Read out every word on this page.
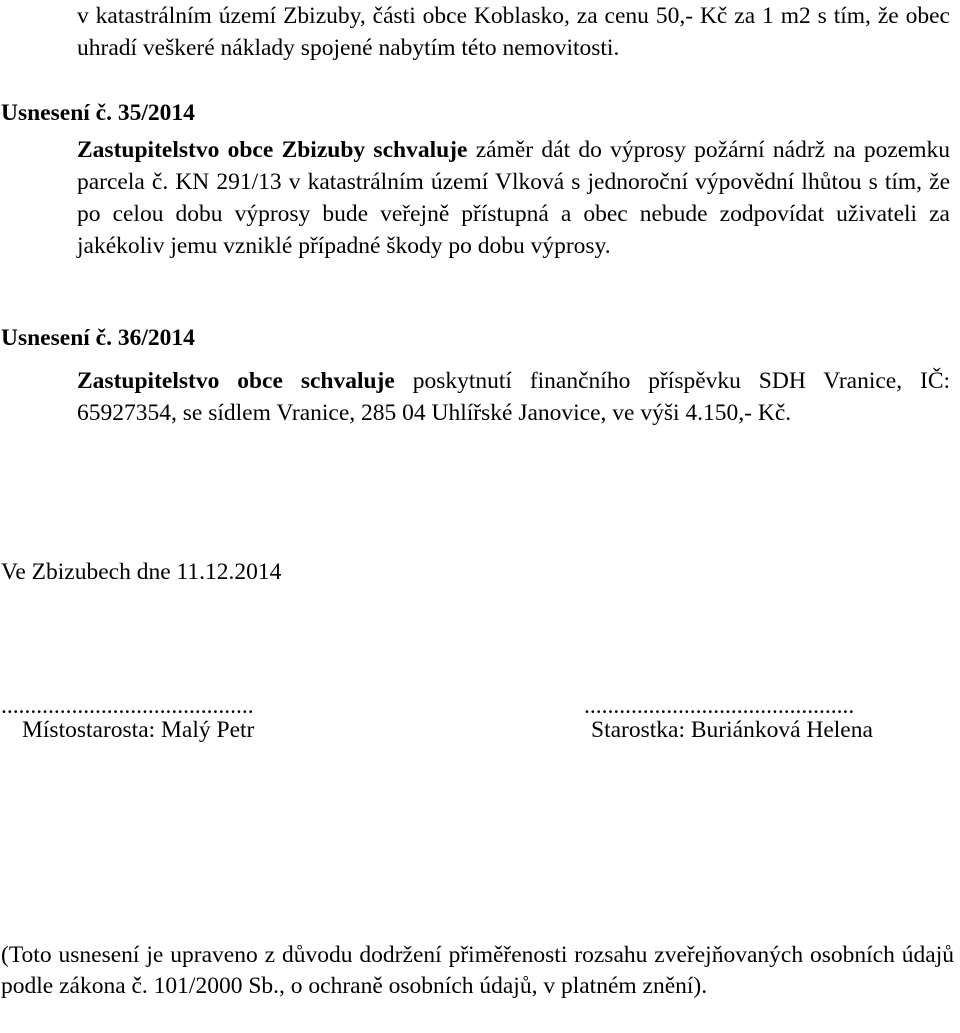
v katastrálním území Zbizuby, části obce Koblasko, za cenu 50,- Kč za 1 m2 s tím, že obec uhradí veškeré náklady spojené nabytím této nemovitosti.
Usnesení č. 35/2014
Zastupitelstvo obce Zbizuby schvaluje záměr dát do výprosy požární nádrž na pozemku parcela č. KN 291/13 v katastrálním území Vlková s jednoroční výpovědní lhůtou s tím, že po celou dobu výprosy bude veřejně přístupná a obec nebude zodpovídat uživateli za jakékoliv jemu vzniklé případné škody po dobu výprosy.
Usnesení č. 36/2014
Zastupitelstvo obce schvaluje poskytnutí finančního příspěvku SDH Vranice, IČ: 65927354, se sídlem Vranice, 285 04 Uhlířské Janovice, ve výši 4.150,- Kč.
Ve Zbizubech dne 11.12.2014
...........................................
Místostarosta: Malý Petr
..............................................
Starostka: Buriánková Helena
(Toto usnesení je upraveno z důvodu dodržení přiměřenosti rozsahu zveřejňovaných osobních údajů podle zákona č. 101/2000 Sb., o ochraně osobních údajů, v platném znění).
